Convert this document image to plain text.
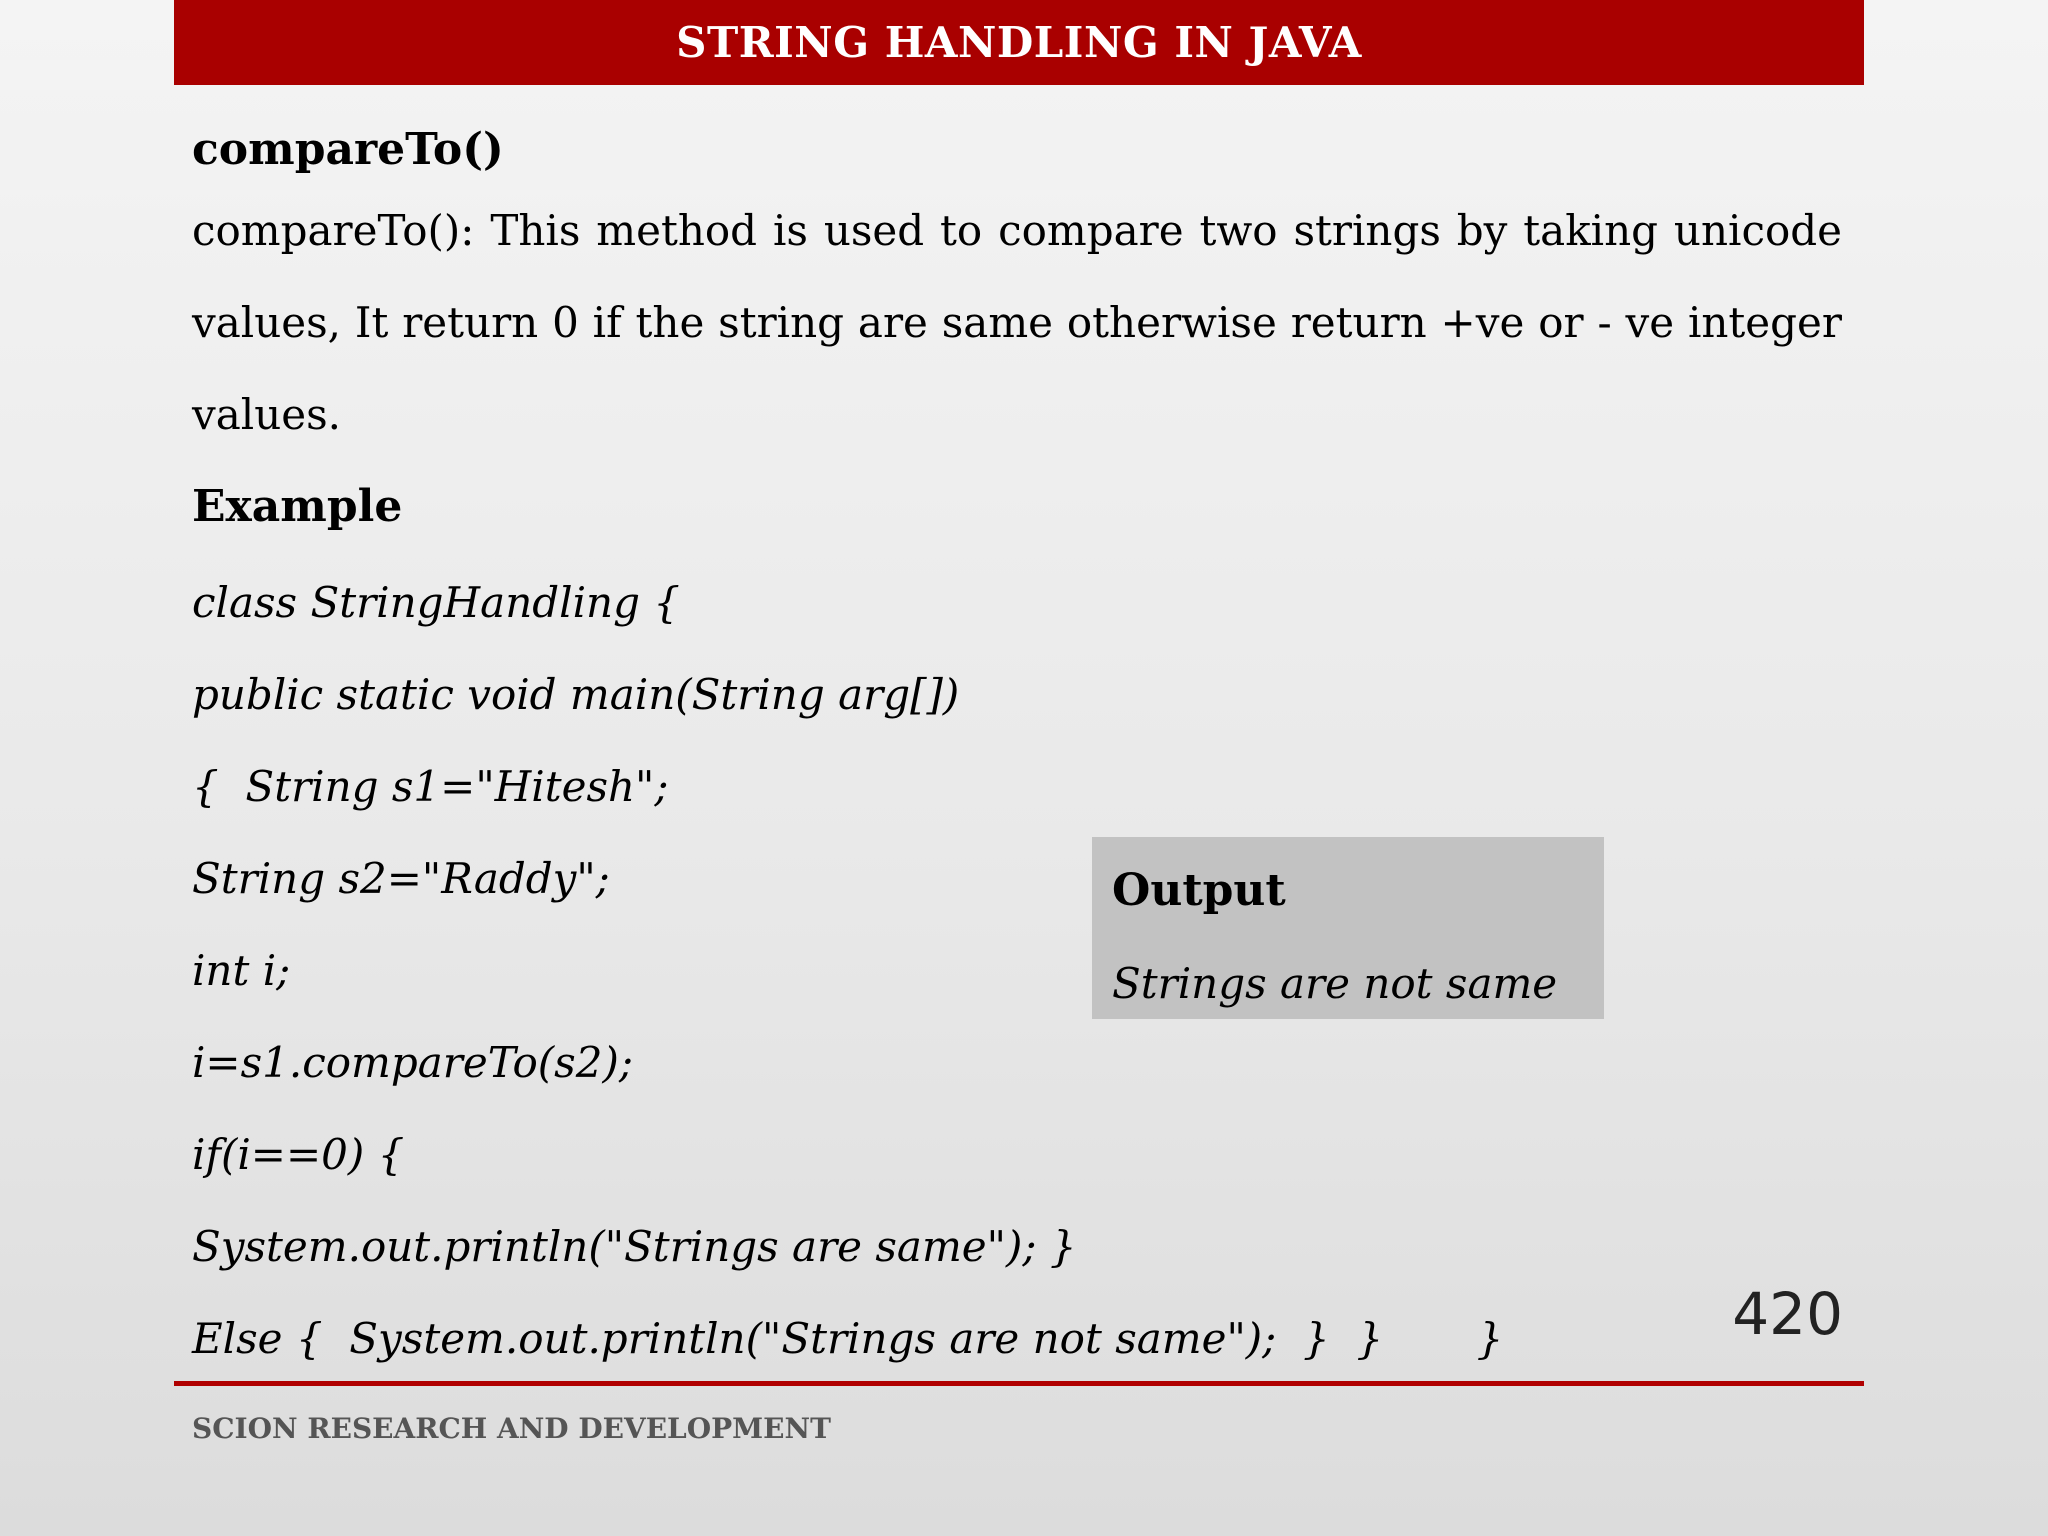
STRING HANDLING IN JAVA
compareTo()

compareTo(): This method is used to compare two strings by taking unicode values, It return 0 if the string are same otherwise return +ve or - ve integer values.

Example
class StringHandling {
public static void main(String arg[])
{  String s1="Hitesh";
String s2="Raddy";
int i;
i=s1.compareTo(s2);
if(i==0) {
System.out.println("Strings are same"); }
Else {  System.out.println("Strings are not same");  }  }       }
Output
Strings are not same
420
SCION RESEARCH AND DEVELOPMENT
